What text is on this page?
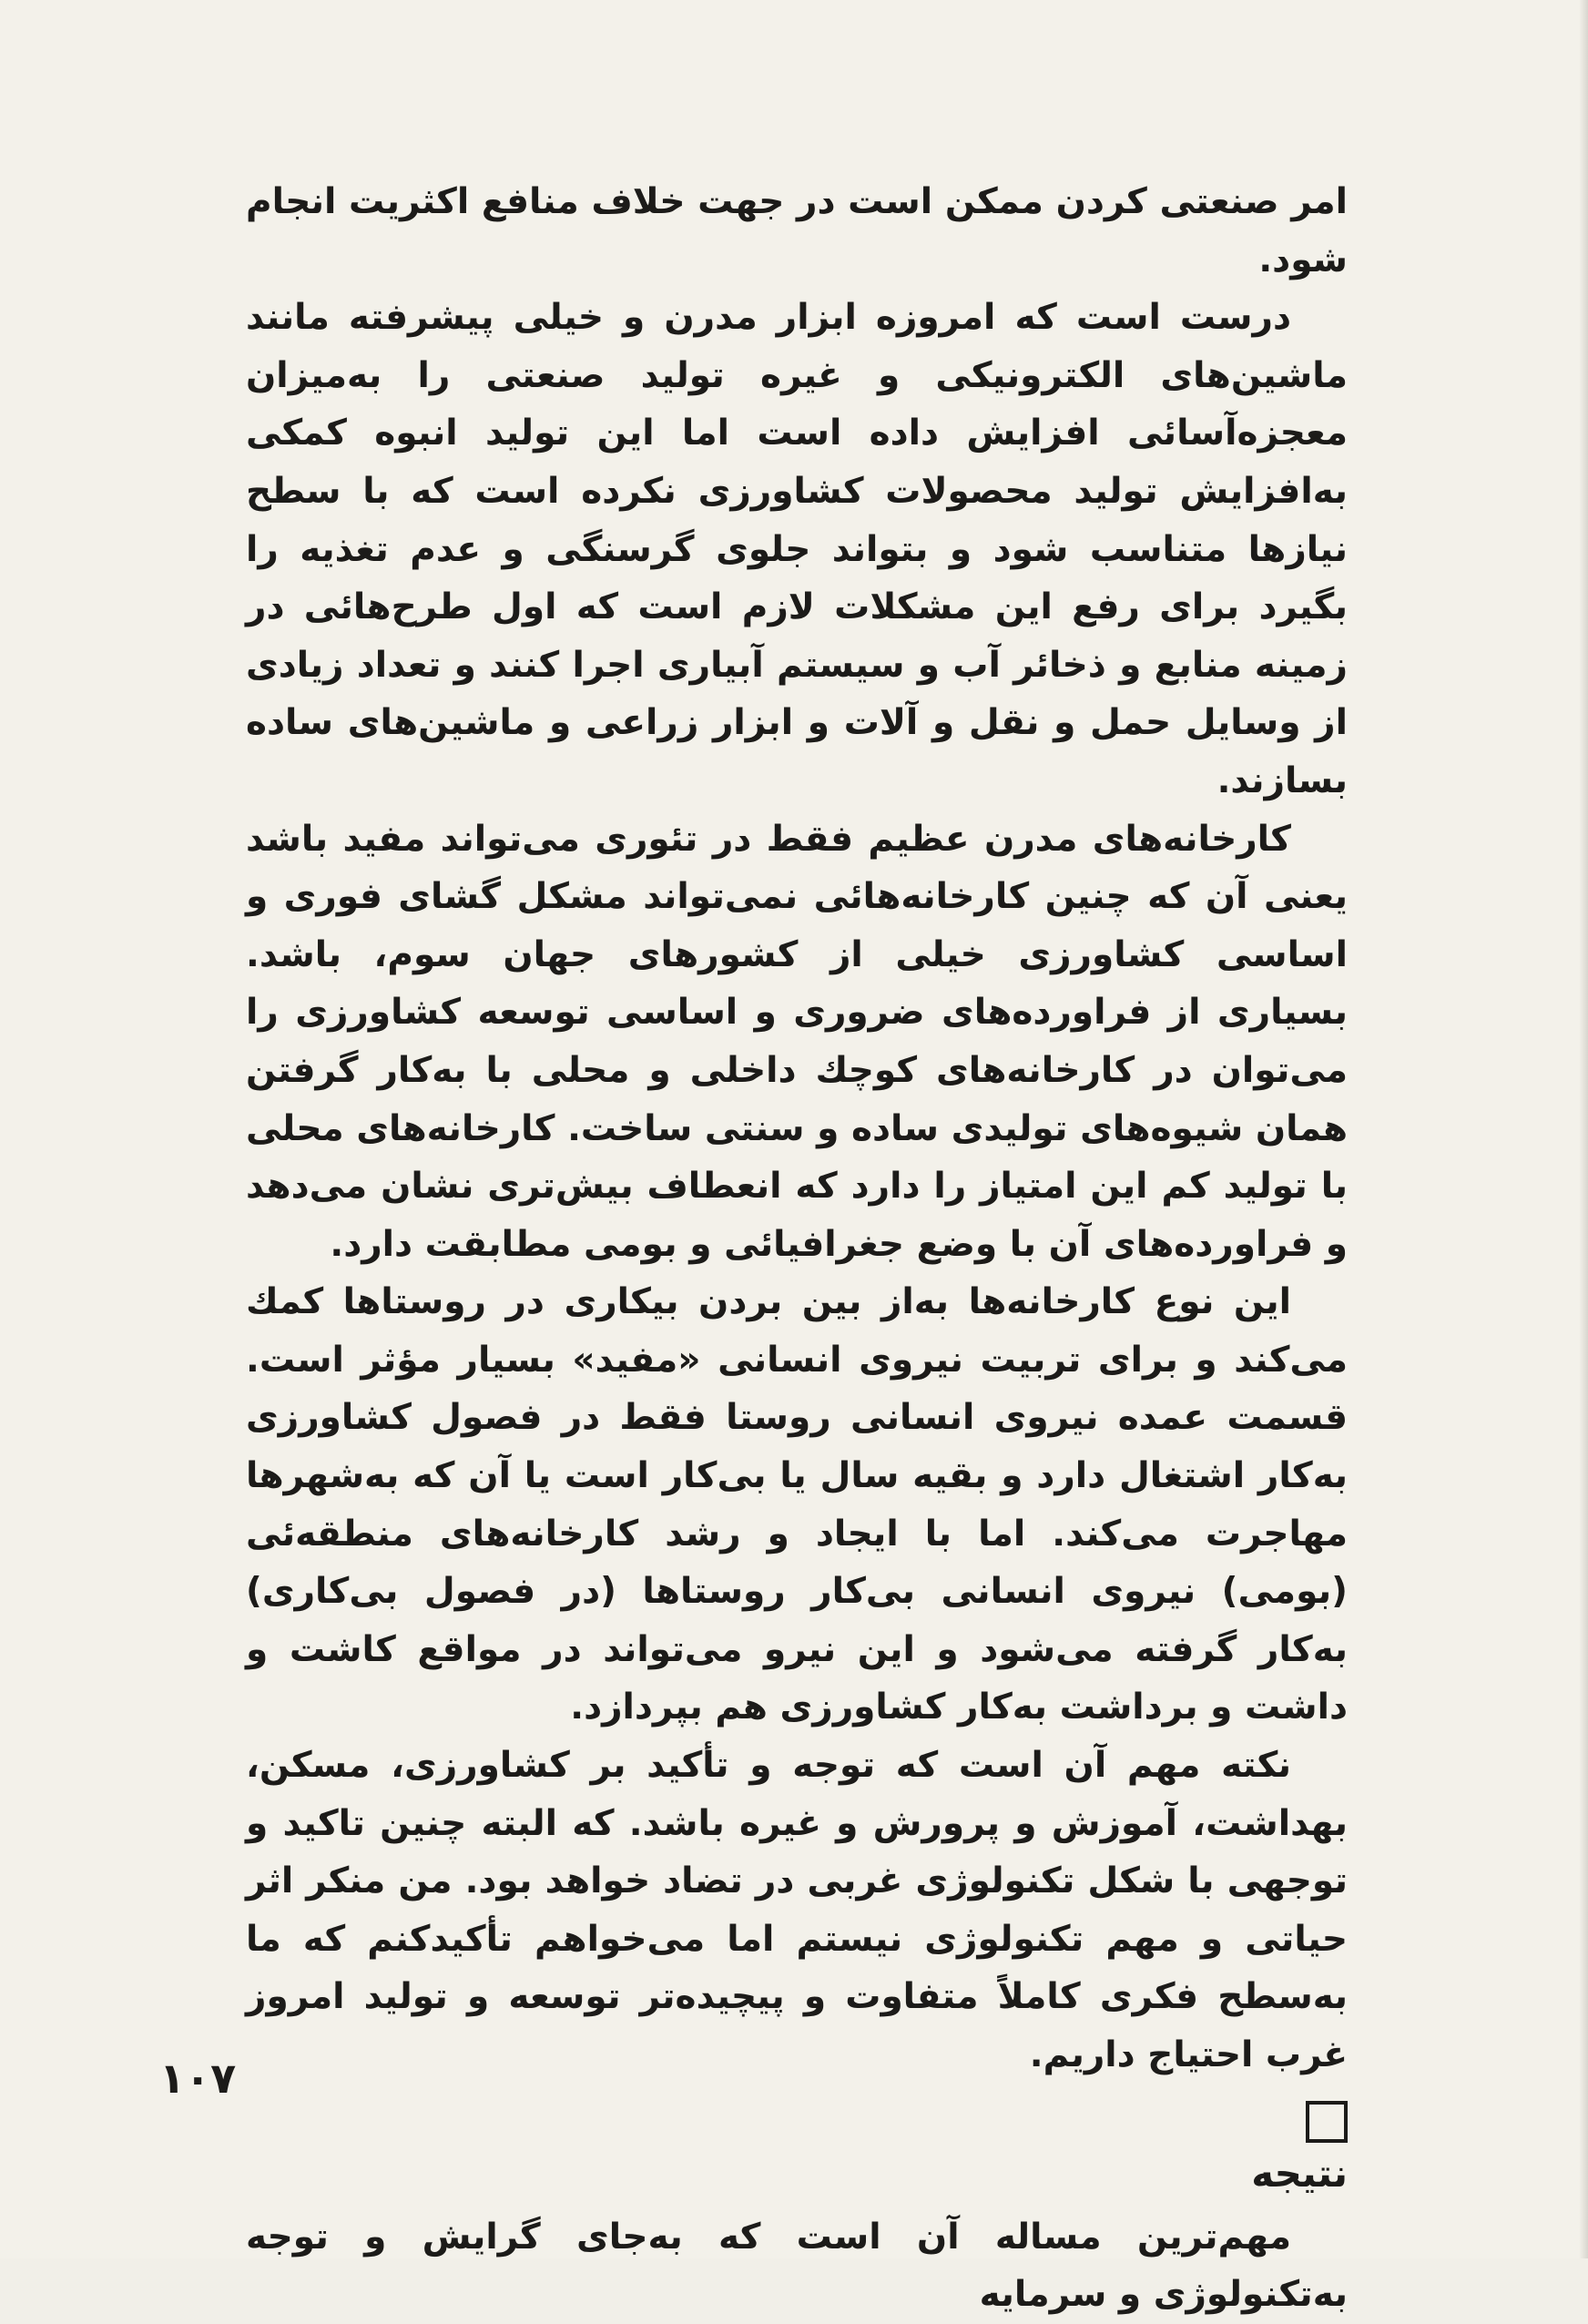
امر صنعتی کردن ممکن است در جهت خلاف منافع اکثریت انجام شود.

درست است که امروزه ابزار مدرن و خیلی پیشرفته مانند ماشین‌های الکترونیکی و غیره تولید صنعتی را به‌میزان معجزه‌آسائی افزایش داده است اما این تولید انبوه کمکی به‌افزایش تولید محصولات کشاورزی نکرده است که با سطح نیازها متناسب شود و بتواند جلوی گرسنگی و عدم تغذیه را بگیرد برای رفع این مشکلات لازم است که اول طرح‌هائی در زمینه منابع و ذخائر آب و سیستم آبیاری اجرا کنند و تعداد زیادی از وسایل حمل و نقل و آلات و ابزار زراعی و ماشین‌های ساده بسازند.

کارخانه‌های مدرن عظیم فقط در تئوری می‌تواند مفید باشد یعنی آن که چنین کارخانه‌هائی نمی‌تواند مشکل گشای فوری و اساسی کشاورزی خیلی از کشورهای جهان سوم، باشد. بسیاری از فراورده‌های ضروری و اساسی توسعه کشاورزی را می‌توان در کارخانه‌های کوچك داخلی و محلی با به‌کار گرفتن همان شیوه‌های تولیدی ساده و سنتی ساخت. کارخانه‌های محلی با تولید کم این امتیاز را دارد که انعطاف بیش‌تری نشان می‌دهد و فراورده‌های آن با وضع جغرافیائی و بومی مطابقت دارد.

این نوع کارخانه‌ها به‌از بین بردن بیکاری در روستاها کمك می‌کند و برای تربیت نیروی انسانی «مفید» بسیار مؤثر است. قسمت عمده نیروی انسانی روستا فقط در فصول کشاورزی به‌کار اشتغال دارد و بقیه سال یا بی‌کار است یا آن که به‌شهرها مهاجرت می‌کند. اما با ایجاد و رشد کارخانه‌های منطقه‌ئی (بومی) نیروی انسانی بی‌کار روستاها (در فصول بی‌کاری) به‌کار گرفته می‌شود و این نیرو می‌تواند در مواقع کاشت و داشت و برداشت به‌کار کشاورزی هم بپردازد.

نکته مهم آن است که توجه و تأکید بر کشاورزی، مسکن، بهداشت، آموزش و پرورش و غیره باشد. که البته چنین تاکید و توجهی با شکل تکنولوژی غربی در تضاد خواهد بود. من منکر اثر حیاتی و مهم تکنولوژی نیستم اما می‌خواهم تأکیدکنم که ما به‌سطح فکری کاملاً متفاوت و پیچیده‌تر توسعه و تولید امروز غرب احتیاج داریم.

نتیجه

مهم‌ترین مساله آن است که به‌جای گرایش و توجه به‌تکنولوژی و سرمایه

۱۰۷
